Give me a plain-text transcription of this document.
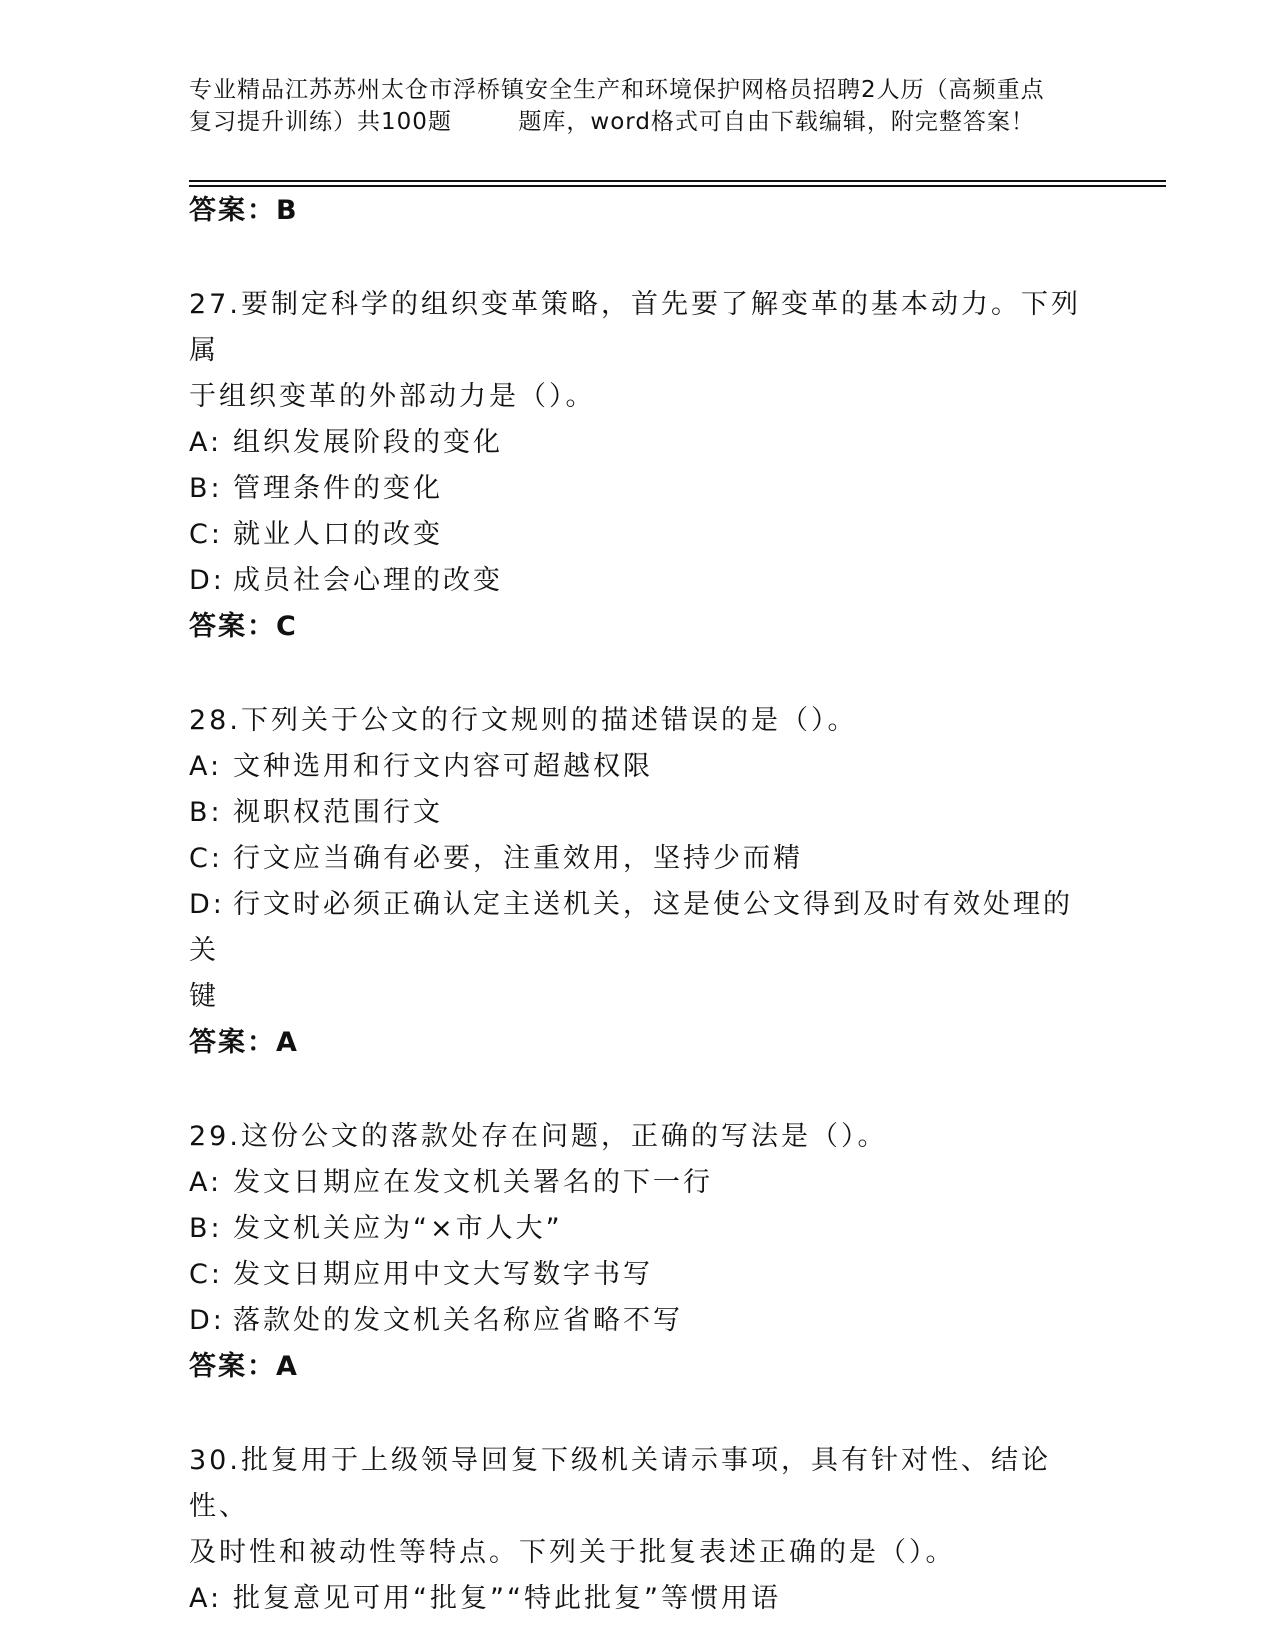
专业精品江苏苏州太仓市浮桥镇安全生产和环境保护网格员招聘2人历（高频重点
复习提升训练）共100题        题库，word格式可自由下载编辑，附完整答案！
答案：B
27.要制定科学的组织变革策略，首先要了解变革的基本动力。下列属
于组织变革的外部动力是（）。
A: 组织发展阶段的变化
B: 管理条件的变化
C: 就业人口的改变
D: 成员社会心理的改变
答案：C
28.下列关于公文的行文规则的描述错误的是（）。
A: 文种选用和行文内容可超越权限
B: 视职权范围行文
C: 行文应当确有必要，注重效用，坚持少而精
D: 行文时必须正确认定主送机关，这是使公文得到及时有效处理的关
键
答案：A
29.这份公文的落款处存在问题，正确的写法是（）。
A: 发文日期应在发文机关署名的下一行
B: 发文机关应为“×市人大”
C: 发文日期应用中文大写数字书写
D: 落款处的发文机关名称应省略不写
答案：A
30.批复用于上级领导回复下级机关请示事项，具有针对性、结论性、
及时性和被动性等特点。下列关于批复表述正确的是（）。
A: 批复意见可用“批复”“特此批复”等惯用语
